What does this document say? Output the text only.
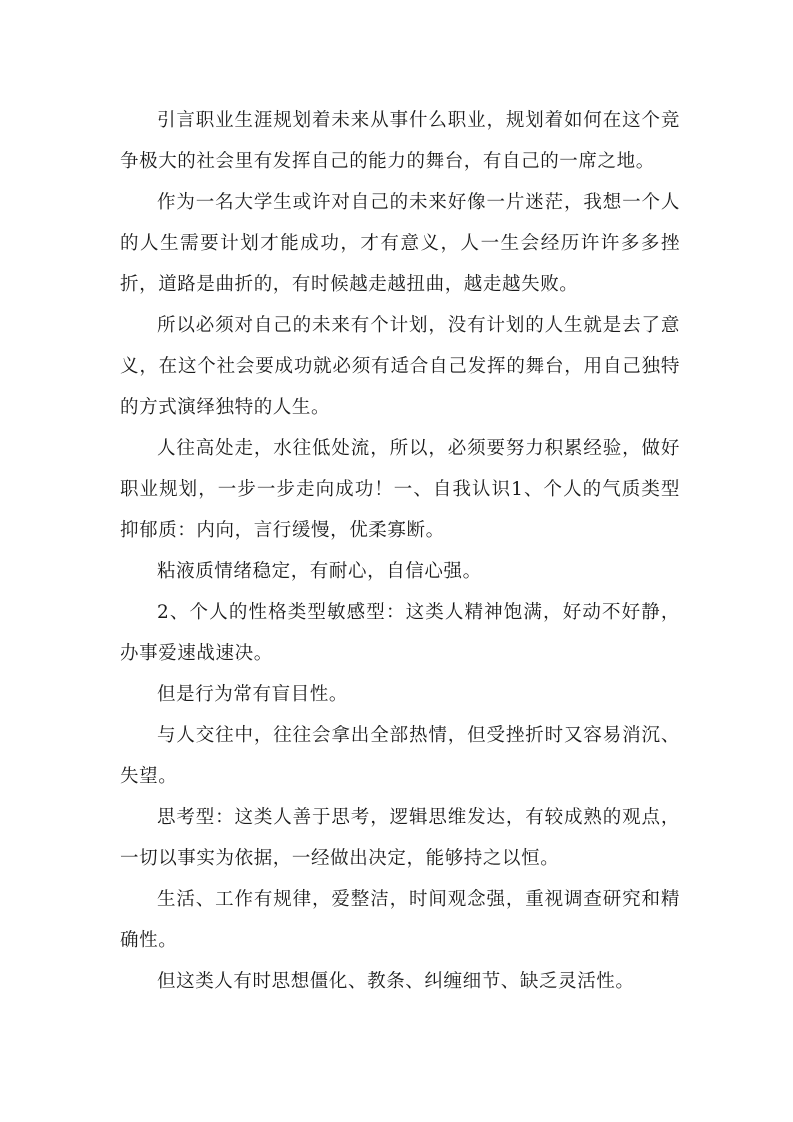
引言职业生涯规划着未来从事什么职业，规划着如何在这个竞争极大的社会里有发挥自己的能力的舞台，有自己的一席之地。

作为一名大学生或许对自己的未来好像一片迷茫，我想一个人的人生需要计划才能成功，才有意义，人一生会经历许许多多挫折，道路是曲折的，有时候越走越扭曲，越走越失败。

所以必须对自己的未来有个计划，没有计划的人生就是去了意义，在这个社会要成功就必须有适合自己发挥的舞台，用自己独特的方式演绎独特的人生。

人往高处走，水往低处流，所以，必须要努力积累经验，做好职业规划，一步一步走向成功！一、自我认识1、个人的气质类型抑郁质：内向，言行缓慢，优柔寡断。

粘液质情绪稳定，有耐心，自信心强。

2、个人的性格类型敏感型：这类人精神饱满，好动不好静，办事爱速战速决。

但是行为常有盲目性。

与人交往中，往往会拿出全部热情，但受挫折时又容易消沉、失望。

思考型：这类人善于思考，逻辑思维发达，有较成熟的观点，一切以事实为依据，一经做出决定，能够持之以恒。

生活、工作有规律，爱整洁，时间观念强，重视调查研究和精确性。

但这类人有时思想僵化、教条、纠缠细节、缺乏灵活性。
